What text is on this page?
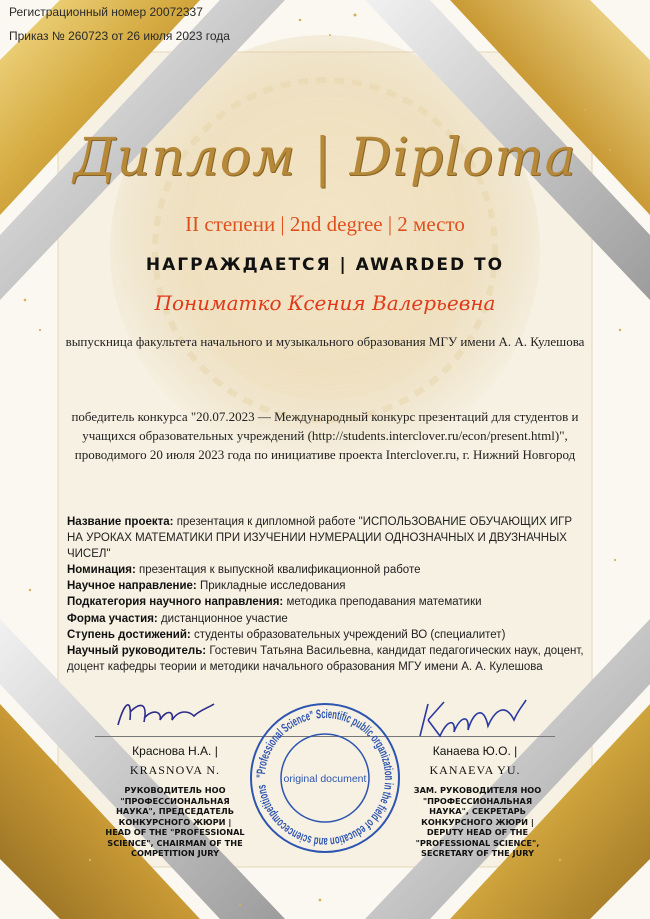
Регистрационный номер 20072337
Приказ № 260723 от 26 июля 2023 года
Диплом | Diploma
II степени | 2nd degree | 2 место
НАГРАЖДАЕТСЯ | AWARDED TO
Пониматко Ксения Валерьевна
выпускница факультета начального и музыкального образования МГУ имени А. А. Кулешова
победитель конкурса "20.07.2023 — Международный конкурс презентаций для студентов и учащихся образовательных учреждений (http://students.interclover.ru/econ/present.html)", проводимого 20 июля 2023 года по инициативе проекта Interclover.ru, г. Нижний Новгород
Название проекта: презентация к дипломной работе "ИСПОЛЬЗОВАНИЕ ОБУЧАЮЩИХ ИГР НА УРОКАХ МАТЕМАТИКИ ПРИ ИЗУЧЕНИИ НУМЕРАЦИИ ОДНОЗНАЧНЫХ И ДВУЗНАЧНЫХ ЧИСЕЛ"
Номинация: презентация к выпускной квалификационной работе
Научное направление: Прикладные исследования
Подкатегория научного направления: методика преподавания математики
Форма участия: дистанционное участие
Ступень достижений: студенты образовательных учреждений ВО (специалитет)
Научный руководитель: Гостевич Татьяна Васильевна, кандидат педагогических наук, доцент, доцент кафедры теории и методики начального образования МГУ имени А. А. Кулешова
Краснова Н.А. |
KRASNOVA N.
РУКОВОДИТЕЛЬ НОО "ПРОФЕССИОНАЛЬНАЯ НАУКА", ПРЕДСЕДАТЕЛЬ КОНКУРСНОГО ЖЮРИ | HEAD OF THE "PROFESSIONAL SCIENCE", CHAIRMAN OF THE COMPETITION JURY
Канаева Ю.О. |
KANAEVA YU.
ЗАМ. РУКОВОДИТЕЛЯ НОО "ПРОФЕССИОНАЛЬНАЯ НАУКА", СЕКРЕТАРЬ КОНКУРСНОГО ЖЮРИ | DEPUTY HEAD OF THE "PROFESSIONAL SCIENCE", SECRETARY OF THE JURY
"Professional Science" Scientific public organization in the field of education and sciencecompetitions
original document
